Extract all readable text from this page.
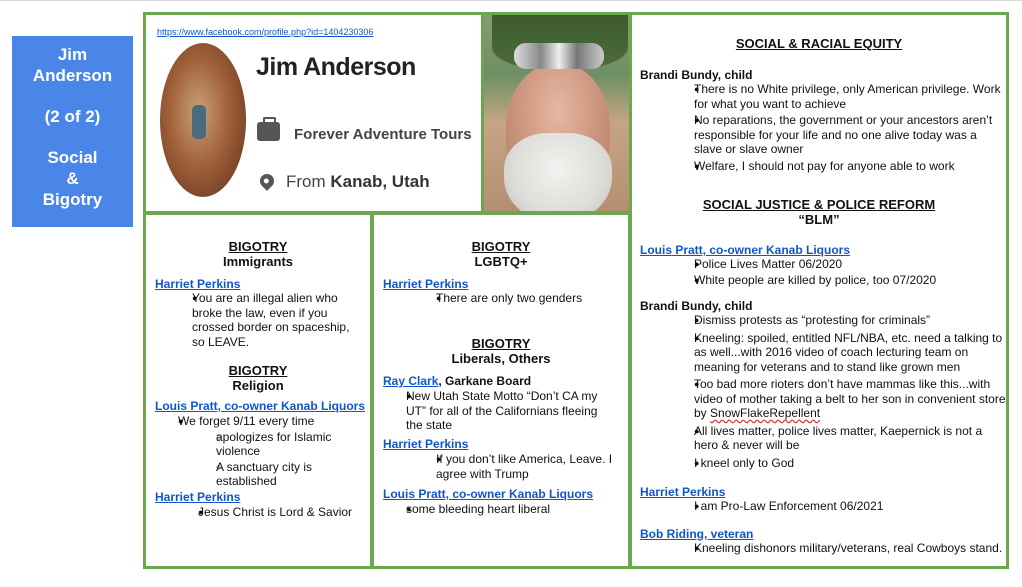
Jim Anderson
(2 of 2)
Social
&
Bigotry
https://www.facebook.com/profile.php?id=1404230306
Jim Anderson
Forever Adventure Tours
From Kanab, Utah
BIGOTRY
Immigrants
Harriet Perkins
● You are an illegal alien who broke the law, even if you crossed border on spaceship, so LEAVE.
BIGOTRY
Religion
Louis Pratt, co-owner Kanab Liquors
● We forget 9/11 every time
○ apologizes for Islamic violence
○ A sanctuary city is established
Harriet Perkins
● Jesus Christ is Lord & Savior
BIGOTRY
LGBTQ+
Harriet Perkins
● There are only two genders
BIGOTRY
Liberals, Others
Ray Clark, Garkane Board
● New Utah State Motto “Don’t CA my UT” for all of the Californians fleeing the state
Harriet Perkins
● If you don’t like America, Leave. I agree with Trump
Louis Pratt, co-owner Kanab Liquors
● some bleeding heart liberal
SOCIAL & RACIAL EQUITY
Brandi Bundy, child
● There is no White privilege, only American privilege. Work for what you want to achieve
● No reparations, the government or your ancestors aren’t responsible for your life and no one alive today was a slave or slave owner
● Welfare, I should not pay for anyone able to work
SOCIAL JUSTICE & POLICE REFORM
“BLM”
Louis Pratt, co-owner Kanab Liquors
● Police Lives Matter 06/2020
● White people are killed by police, too 07/2020
Brandi Bundy, child
● Dismiss protests as “protesting for criminals”
● Kneeling: spoiled, entitled NFL/NBA, etc. need a talking to as well...with 2016 video of coach lecturing team on meaning for veterans and to stand like grown men
● Too bad more rioters don’t have mammas like this...with video of mother taking a belt to her son in convenient store by SnowFlakeRepellent
● All lives matter, police lives matter, Kaepernick is not a hero & never will be
● I kneel only to God
Harriet Perkins
● I am Pro-Law Enforcement 06/2021
Bob Riding, veteran
● Kneeling dishonors military/veterans, real Cowboys stand.
